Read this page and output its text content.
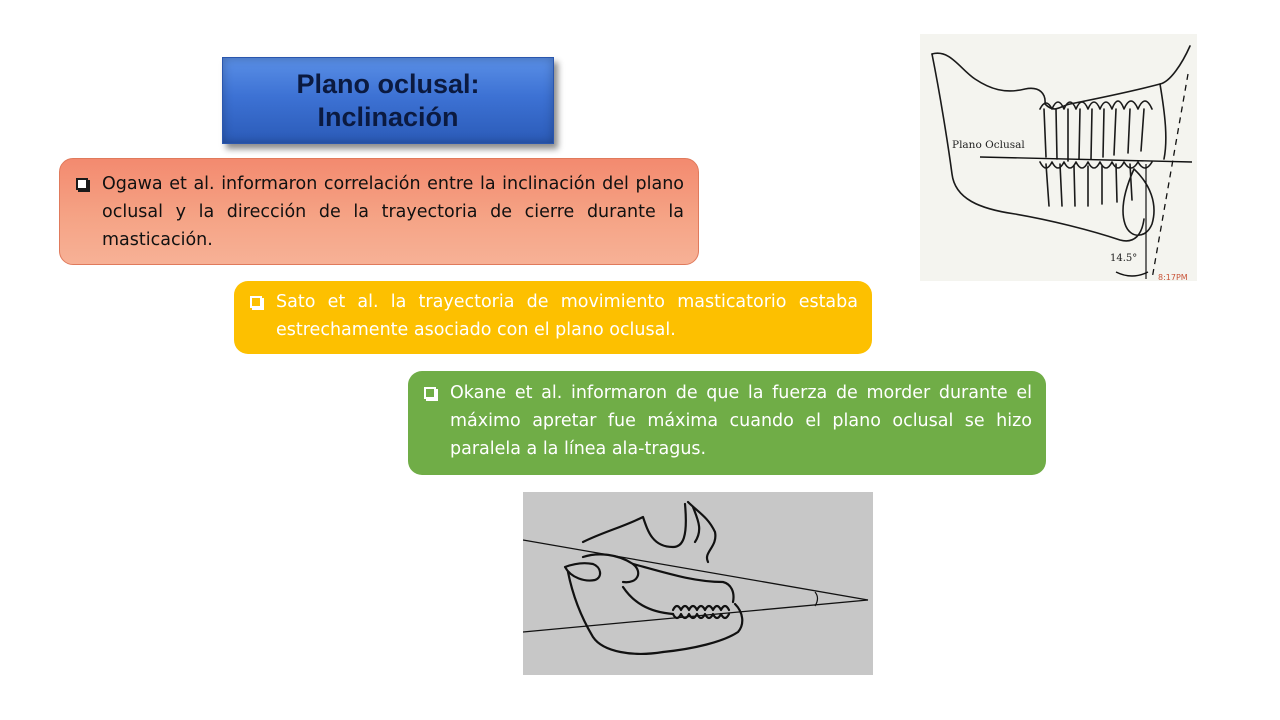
Plano oclusal:
Inclinación
Ogawa et al. informaron correlación entre la inclinación del plano oclusal y la dirección de la trayectoria de cierre durante la masticación.
Sato et al. la trayectoria de movimiento masticatorio estaba estrechamente asociado con el plano oclusal.
Okane et al. informaron de que la fuerza de morder durante el máximo apretar fue máxima cuando el plano oclusal se hizo paralela a la línea ala-tragus.
Plano Oclusal
14.5°
8:17PM
